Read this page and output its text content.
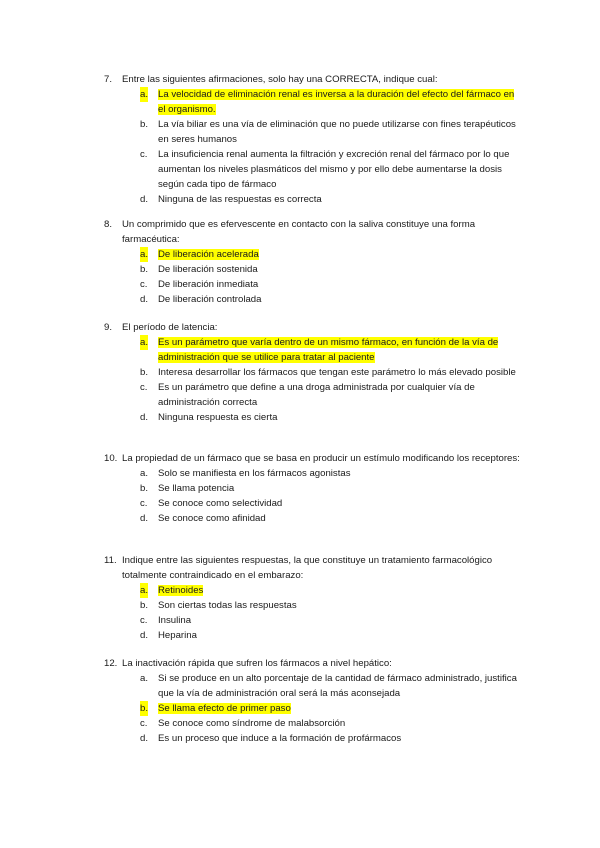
7. Entre las siguientes afirmaciones, solo hay una CORRECTA, indique cual:
a. La velocidad de eliminación renal es inversa a la duración del efecto del fármaco en el organismo.
b. La vía biliar es una vía de eliminación que no puede utilizarse con fines terapéuticos en seres humanos
c. La insuficiencia renal aumenta la filtración y excreción renal del fármaco por lo que aumentan los niveles plasmáticos del mismo y por ello debe aumentarse la dosis según cada tipo de fármaco
d. Ninguna de las respuestas es correcta
8. Un comprimido que es efervescente en contacto con la saliva constituye una forma farmacéutica:
a. De liberación acelerada
b. De liberación sostenida
c. De liberación inmediata
d. De liberación controlada
9. El período de latencia:
a. Es un parámetro que varía dentro de un mismo fármaco, en función de la vía de administración que se utilice para tratar al paciente
b. Interesa desarrollar los fármacos que tengan este parámetro lo más elevado posible
c. Es un parámetro que define a una droga administrada por cualquier vía de administración correcta
d. Ninguna respuesta es cierta
10. La propiedad de un fármaco que se basa en producir un estímulo modificando los receptores:
a. Solo se manifiesta en los fármacos agonistas
b. Se llama potencia
c. Se conoce como selectividad
d. Se conoce como afinidad
11. Indique entre las siguientes respuestas, la que constituye un tratamiento farmacológico totalmente contraindicado en el embarazo:
a. Retinoides
b. Son ciertas todas las respuestas
c. Insulina
d. Heparina
12. La inactivación rápida que sufren los fármacos a nivel hepático:
a. Si se produce en un alto porcentaje de la cantidad de fármaco administrado, justifica que la vía de administración oral será la más aconsejada
b. Se llama efecto de primer paso
c. Se conoce como síndrome de malabsorción
d. Es un proceso que induce a la formación de profármacos
